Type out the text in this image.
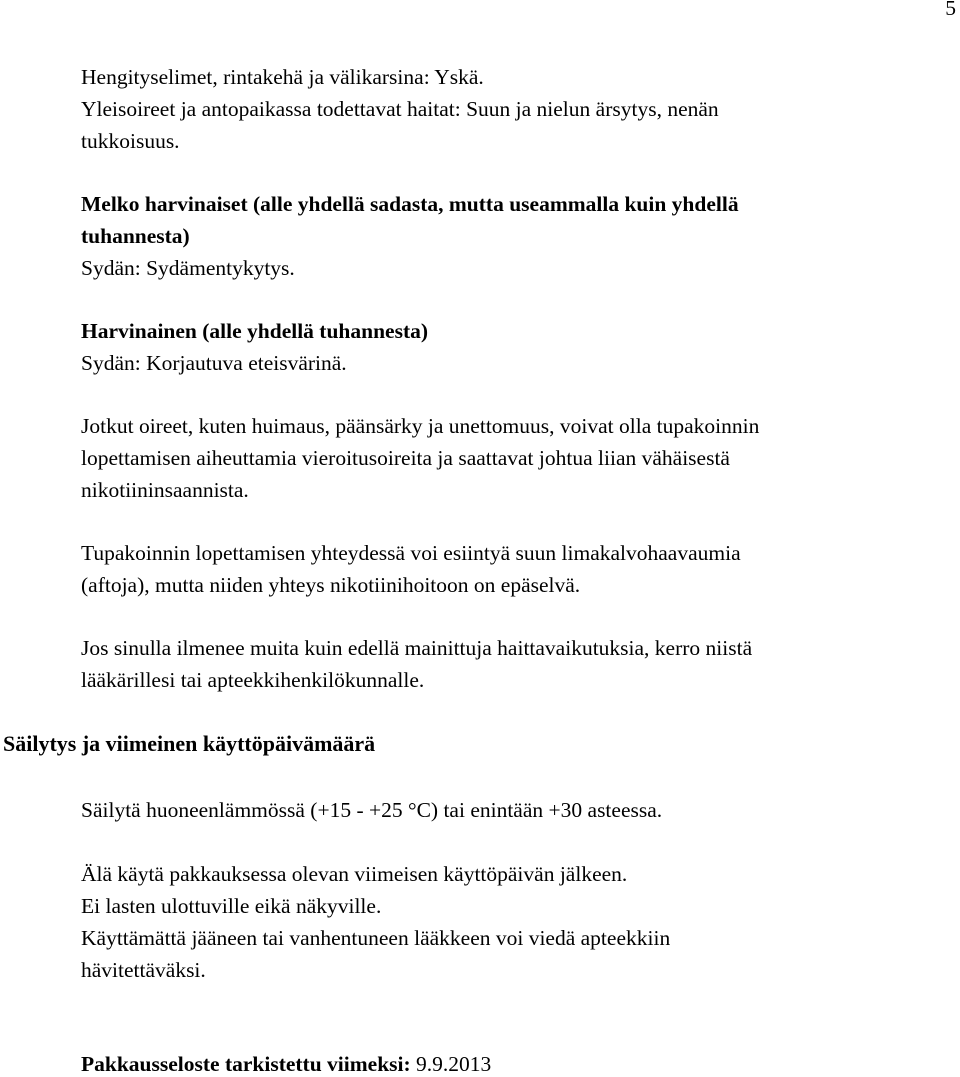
5
Hengityselimet, rintakehä ja välikarsina: Yskä.
Yleisoireet ja antopaikassa todettavat haitat: Suun ja nielun ärsytys, nenän
tukkoisuus.
Melko harvinaiset (alle yhdellä sadasta, mutta useammalla kuin yhdellä
tuhannesta)
Sydän: Sydämentykytys.
Harvinainen (alle yhdellä tuhannesta)
Sydän: Korjautuva eteisvärinä.
Jotkut oireet, kuten huimaus, päänsärky ja unettomuus, voivat olla tupakoinnin
lopettamisen aiheuttamia vieroitusoireita ja saattavat johtua liian vähäisestä
nikotiininsaannista.
Tupakoinnin lopettamisen yhteydessä voi esiintyä suun limakalvohaavaumia
(aftoja), mutta niiden yhteys nikotiinihoitoon on epäselvä.
Jos sinulla ilmenee muita kuin edellä mainittuja haittavaikutuksia, kerro niistä
lääkärillesi tai apteekkihenkilökunnalle.
Säilytys ja viimeinen käyttöpäivämäärä
Säilytä huoneenlämmössä (+15 - +25 °C) tai enintään +30 asteessa.
Älä käytä pakkauksessa olevan viimeisen käyttöpäivän jälkeen.
Ei lasten ulottuville eikä näkyville.
Käyttämättä jääneen tai vanhentuneen lääkkeen voi viedä apteekkiin
hävitettäväksi.
Pakkausseloste tarkistettu viimeksi: 9.9.2013
